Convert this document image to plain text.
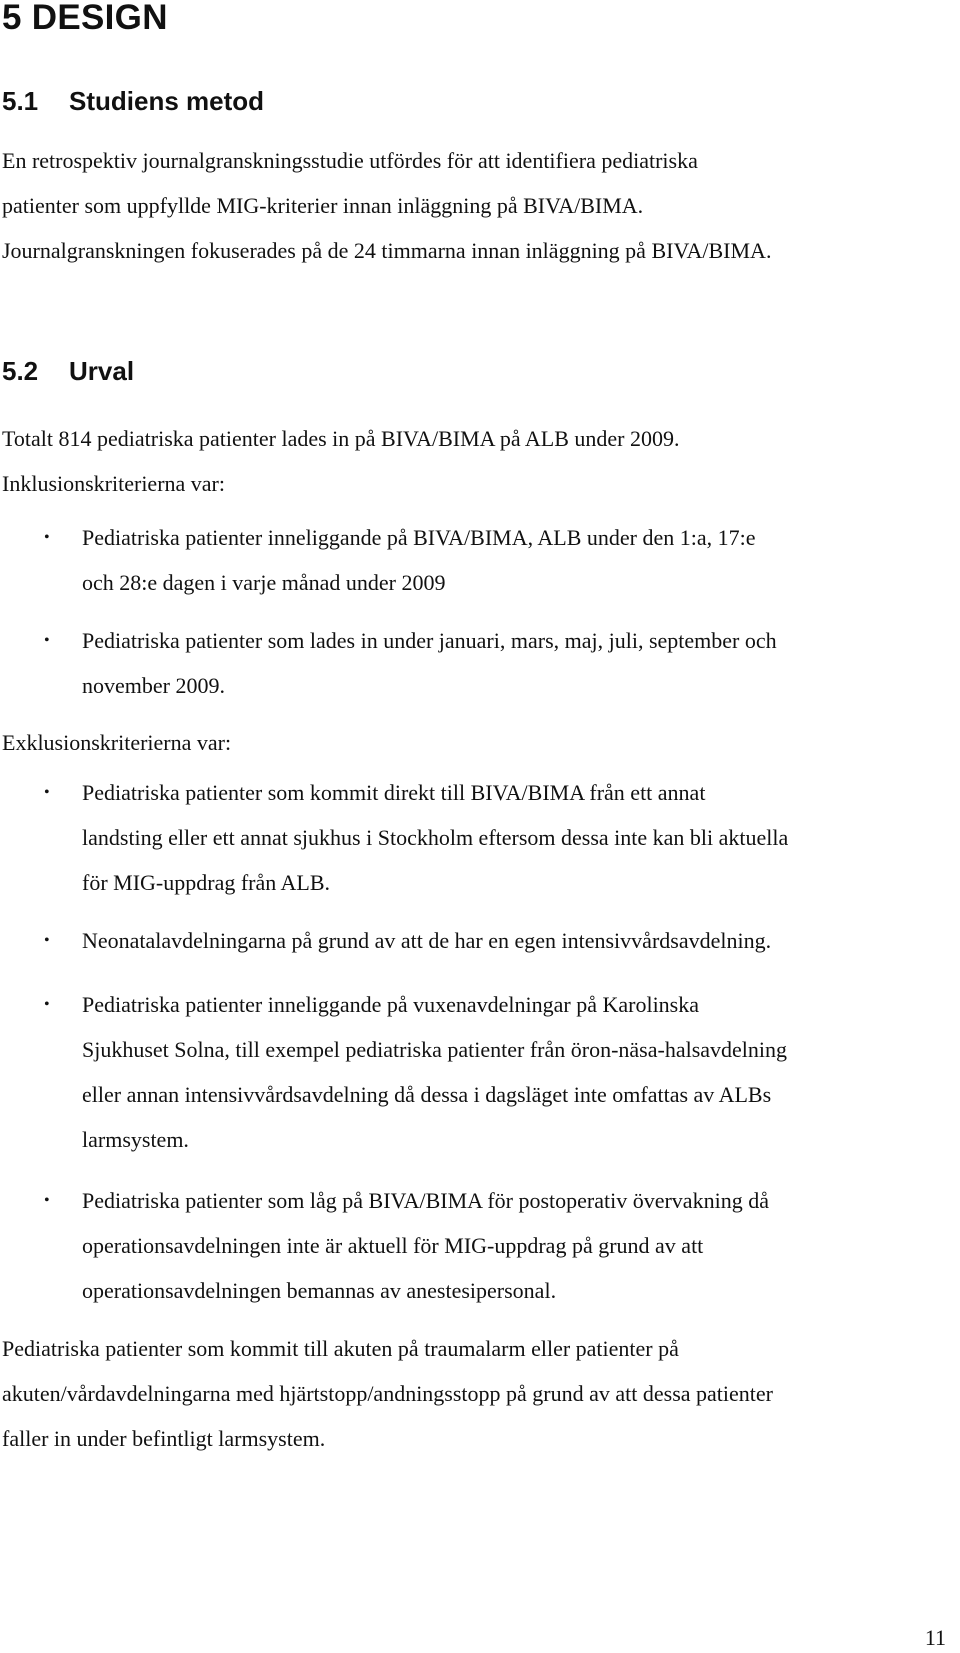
5 DESIGN
5.1 Studiens metod

En retrospektiv journalgranskningsstudie utfördes för att identifiera pediatriska
patienter som uppfyllde MIG-kriterier innan inläggning på BIVA/BIMA.
Journalgranskningen fokuserades på de 24 timmarna innan inläggning på BIVA/BIMA.

5.2 Urval

Totalt 814 pediatriska patienter lades in på BIVA/BIMA på ALB under 2009.
Inklusionskriterierna var:

• Pediatriska patienter inneliggande på BIVA/BIMA, ALB under den 1:a, 17:e
och 28:e dagen i varje månad under 2009
• Pediatriska patienter som lades in under januari, mars, maj, juli, september och
november 2009.

Exklusionskriterierna var:

• Pediatriska patienter som kommit direkt till BIVA/BIMA från ett annat
landsting eller ett annat sjukhus i Stockholm eftersom dessa inte kan bli aktuella
för MIG-uppdrag från ALB.
• Neonatalavdelningarna på grund av att de har en egen intensivvårdsavdelning.
• Pediatriska patienter inneliggande på vuxenavdelningar på Karolinska
Sjukhuset Solna, till exempel pediatriska patienter från öron-näsa-halsavdelning
eller annan intensivvårdsavdelning då dessa i dagsläget inte omfattas av ALBs
larmsystem.
• Pediatriska patienter som låg på BIVA/BIMA för postoperativ övervakning då
operationsavdelningen inte är aktuell för MIG-uppdrag på grund av att
operationsavdelningen bemannas av anestesipersonal.

Pediatriska patienter som kommit till akuten på traumalarm eller patienter på
akuten/vårdavdelningarna med hjärtstopp/andningsstopp på grund av att dessa patienter
faller in under befintligt larmsystem.

11
